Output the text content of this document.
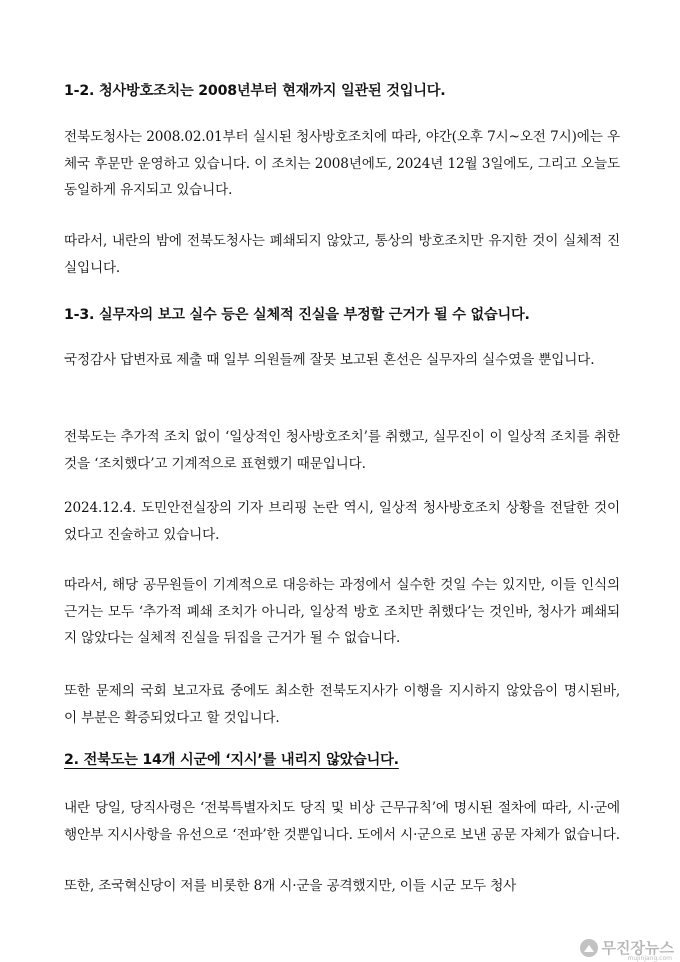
1-2. 청사방호조치는 2008년부터 현재까지 일관된 것입니다.

전북도청사는 2008.02.01부터 실시된 청사방호조치에 따라, 야간(오후 7시~오전 7시)에는 우체국 후문만 운영하고 있습니다. 이 조치는 2008년에도, 2024년 12월 3일에도, 그리고 오늘도 동일하게 유지되고 있습니다.

따라서, 내란의 밤에 전북도청사는 폐쇄되지 않았고, 통상의 방호조치만 유지한 것이 실체적 진실입니다.

1-3. 실무자의 보고 실수 등은 실체적 진실을 부정할 근거가 될 수 없습니다.

국정감사 답변자료 제출 때 일부 의원들께 잘못 보고된 혼선은 실무자의 실수였을 뿐입니다.

전북도는 추가적 조치 없이 ‘일상적인 청사방호조치’를 취했고, 실무진이 이 일상적 조치를 취한 것을 ‘조치했다’고 기계적으로 표현했기 때문입니다.

2024.12.4. 도민안전실장의 기자 브리핑 논란 역시, 일상적 청사방호조치 상황을 전달한 것이었다고 진술하고 있습니다.

따라서, 해당 공무원들이 기계적으로 대응하는 과정에서 실수한 것일 수는 있지만, 이들 인식의 근거는 모두 ‘추가적 폐쇄 조치가 아니라, 일상적 방호 조치만 취했다’는 것인바, 청사가 폐쇄되지 않았다는 실체적 진실을 뒤집을 근거가 될 수 없습니다.

또한 문제의 국회 보고자료 중에도 최소한 전북도지사가 이행을 지시하지 않았음이 명시된바, 이 부분은 확증되었다고 할 것입니다.

2. 전북도는 14개 시군에 ‘지시’를 내리지 않았습니다.

내란 당일, 당직사령은 ‘전북특별자치도 당직 및 비상 근무규칙’에 명시된 절차에 따라, 시·군에 행안부 지시사항을 유선으로 ‘전파’한 것뿐입니다. 도에서 시·군으로 보낸 공문 자체가 없습니다.

또한, 조국혁신당이 저를 비롯한 8개 시·군을 공격했지만, 이들 시군 모두 청사

무진장뉴스
mujinjang.com
